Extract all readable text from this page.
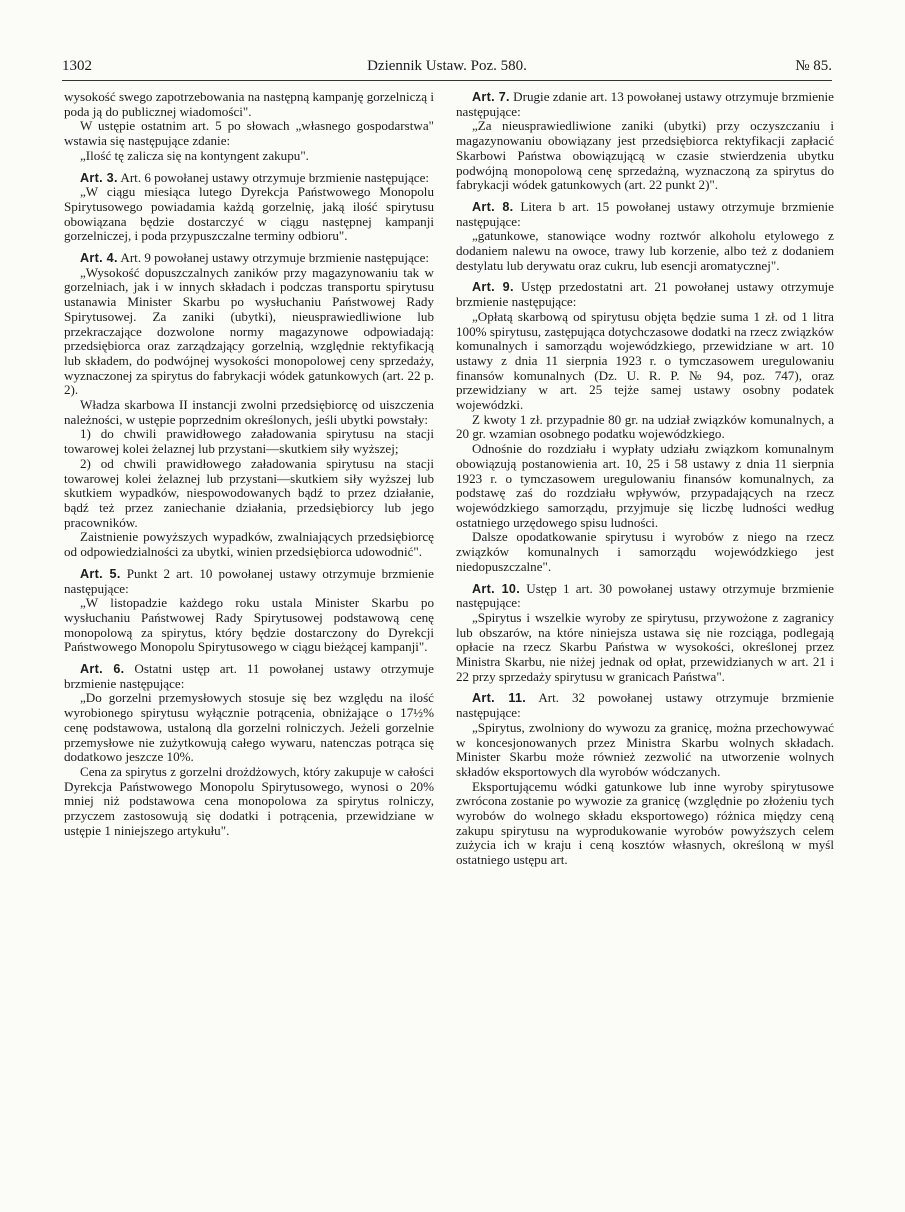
1302	Dziennik Ustaw. Poz. 580.	№ 85.

wysokość swego zapotrzebowania na następną kampanję gorzelniczą i poda ją do publicznej wiadomości".

W ustępie ostatnim art. 5 po słowach „własnego gospodarstwa" wstawia się następujące zdanie:

„Ilość tę zalicza się na kontyngent zakupu".

Art. 3. Art. 6 powołanej ustawy otrzymuje brzmienie następujące:

„W ciągu miesiąca lutego Dyrekcja Państwowego Monopolu Spirytusowego powiadamia każdą gorzelnię, jaką ilość spirytusu obowiązana będzie dostarczyć w ciągu następnej kampanji gorzelniczej, i poda przypuszczalne terminy odbioru".

Art. 4. Art. 9 powołanej ustawy otrzymuje brzmienie następujące:

„Wysokość dopuszczalnych zaników przy magazynowaniu tak w gorzelniach, jak i w innych składach i podczas transportu spirytusu ustanawia Minister Skarbu po wysłuchaniu Państwowej Rady Spirytusowej. Za zaniki (ubytki), nieusprawiedliwione lub przekraczające dozwolone normy magazynowe odpowiadają: przedsiębiorca oraz zarządzający gorzelnią, względnie rektyfikacją lub składem, do podwójnej wysokości monopolowej ceny sprzedaży, wyznaczonej za spirytus do fabrykacji wódek gatunkowych (art. 22 p. 2).

Władza skarbowa II instancji zwolni przedsiębiorcę od uiszczenia należności, w ustępie poprzednim określonych, jeśli ubytki powstały:

1) do chwili prawidłowego załadowania spirytusu na stacji towarowej kolei żelaznej lub przystani—skutkiem siły wyższej;

2) od chwili prawidłowego załadowania spirytusu na stacji towarowej kolei żelaznej lub przystani—skutkiem siły wyższej lub skutkiem wypadków, niespowodowanych bądź to przez działanie, bądź też przez zaniechanie działania, przedsiębiorcy lub jego pracowników.

Zaistnienie powyższych wypadków, zwalniających przedsiębiorcę od odpowiedzialności za ubytki, winien przedsiębiorca udowodnić".

Art. 5. Punkt 2 art. 10 powołanej ustawy otrzymuje brzmienie następujące:

„W listopadzie każdego roku ustala Minister Skarbu po wysłuchaniu Państwowej Rady Spirytusowej podstawową cenę monopolową za spirytus, który będzie dostarczony do Dyrekcji Państwowego Monopolu Spirytusowego w ciągu bieżącej kampanji".

Art. 6. Ostatni ustęp art. 11 powołanej ustawy otrzymuje brzmienie następujące:

„Do gorzelni przemysłowych stosuje się bez względu na ilość wyrobionego spirytusu wyłącznie potrącenia, obniżające o 17½% cenę podstawowa, ustaloną dla gorzelni rolniczych. Jeżeli gorzelnie przemysłowe nie zużytkowują całego wywaru, natenczas potrąca się dodatkowo jeszcze 10%.

Cena za spirytus z gorzelni drożdżowych, który zakupuje w całości Dyrekcja Państwowego Monopolu Spirytusowego, wynosi o 20% mniej niż podstawowa cena monopolowa za spirytus rolniczy, przyczem zastosowują się dodatki i potrącenia, przewidziane w ustępie 1 niniejszego artykułu".

Art. 7. Drugie zdanie art. 13 powołanej ustawy otrzymuje brzmienie następujące:

„Za nieusprawiedliwione zaniki (ubytki) przy oczyszczaniu i magazynowaniu obowiązany jest przedsiębiorca rektyfikacji zapłacić Skarbowi Państwa obowiązującą w czasie stwierdzenia ubytku podwójną monopolową cenę sprzedażną, wyznaczoną za spirytus do fabrykacji wódek gatunkowych (art. 22 punkt 2)".

Art. 8. Litera b art. 15 powołanej ustawy otrzymuje brzmienie następujące:

„gatunkowe, stanowiące wodny roztwór alkoholu etylowego z dodaniem nalewu na owoce, trawy lub korzenie, albo też z dodaniem destylatu lub derywatu oraz cukru, lub esencji aromatycznej".

Art. 9. Ustęp przedostatni art. 21 powołanej ustawy otrzymuje brzmienie następujące:

„Opłatą skarbową od spirytusu objęta będzie suma 1 zł. od 1 litra 100% spirytusu, zastępująca dotychczasowe dodatki na rzecz związków komunalnych i samorządu wojewódzkiego, przewidziane w art. 10 ustawy z dnia 11 sierpnia 1923 r. o tymczasowem uregulowaniu finansów komunalnych (Dz. U. R. P. № 94, poz. 747), oraz przewidziany w art. 25 tejże samej ustawy osobny podatek wojewódzki.

Z kwoty 1 zł. przypadnie 80 gr. na udział związków komunalnych, a 20 gr. wzamian osobnego podatku wojewódzkiego.

Odnośnie do rozdziału i wypłaty udziału związkom komunalnym obowiązują postanowienia art. 10, 25 i 58 ustawy z dnia 11 sierpnia 1923 r. o tymczasowem uregulowaniu finansów komunalnych, za podstawę zaś do rozdziału wpływów, przypadających na rzecz wojewódzkiego samorządu, przyjmuje się liczbę ludności według ostatniego urzędowego spisu ludności.

Dalsze opodatkowanie spirytusu i wyrobów z niego na rzecz związków komunalnych i samorządu wojewódzkiego jest niedopuszczalne".

Art. 10. Ustęp 1 art. 30 powołanej ustawy otrzymuje brzmienie następujące:

„Spirytus i wszelkie wyroby ze spirytusu, przywożone z zagranicy lub obszarów, na które niniejsza ustawa się nie rozciąga, podlegają opłacie na rzecz Skarbu Państwa w wysokości, określonej przez Ministra Skarbu, nie niżej jednak od opłat, przewidzianych w art. 21 i 22 przy sprzedaży spirytusu w granicach Państwa".

Art. 11. Art. 32 powołanej ustawy otrzymuje brzmienie następujące:

„Spirytus, zwolniony do wywozu za granicę, można przechowywać w koncesjonowanych przez Ministra Skarbu wolnych składach. Minister Skarbu może również zezwolić na utworzenie wolnych składów eksportowych dla wyrobów wódczanych.

Eksportującemu wódki gatunkowe lub inne wyroby spirytusowe zwrócona zostanie po wywozie za granicę (względnie po złożeniu tych wyrobów do wolnego składu eksportowego) różnica między ceną zakupu spirytusu na wyprodukowanie wyrobów powyższych celem zużycia ich w kraju i ceną kosztów własnych, określoną w myśl ostatniego ustępu art.
